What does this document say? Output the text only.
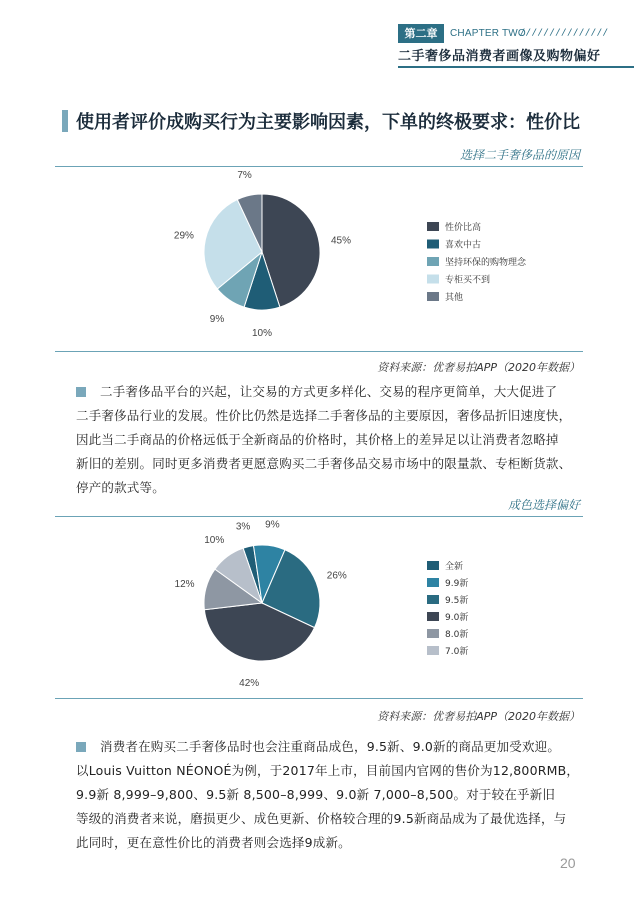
第二章	CHAPTER TWO
///////////////
二手奢侈品消费者画像及购物偏好
使用者评价成购买行为主要影响因素，下单的终极要求：性价比
选择二手奢侈品的原因
45%
10%
9%
29%
7%
性价比高
喜欢中古
坚持环保的购物理念
专柜买不到
其他
资料来源：优奢易拍APP（2020年数据）
二手奢侈品平台的兴起，让交易的方式更多样化、交易的程序更简单，大大促进了
二手奢侈品行业的发展。性价比仍然是选择二手奢侈品的主要原因，奢侈品折旧速度快，
因此当二手商品的价格远低于全新商品的价格时，其价格上的差异足以让消费者忽略掉
新旧的差别。同时更多消费者更愿意购买二手奢侈品交易市场中的限量款、专柜断货款、
停产的款式等。
成色选择偏好
3% 9%
26%
42%
12%
10%
全新
9.9新
9.5新
9.0新
8.0新
7.0新
资料来源：优奢易拍APP（2020年数据）
消费者在购买二手奢侈品时也会注重商品成色，9.5新、9.0新的商品更加受欢迎。
以Louis Vuitton NÉONOÉ为例，于2017年上市，目前国内官网的售价为12,800RMB，
9.9新 8,999–9,800、9.5新 8,500–8,999、9.0新 7,000–8,500。对于较在乎新旧
等级的消费者来说，磨损更少、成色更新、价格较合理的9.5新商品成为了最优选择，与
此同时，更在意性价比的消费者则会选择9成新。
20
